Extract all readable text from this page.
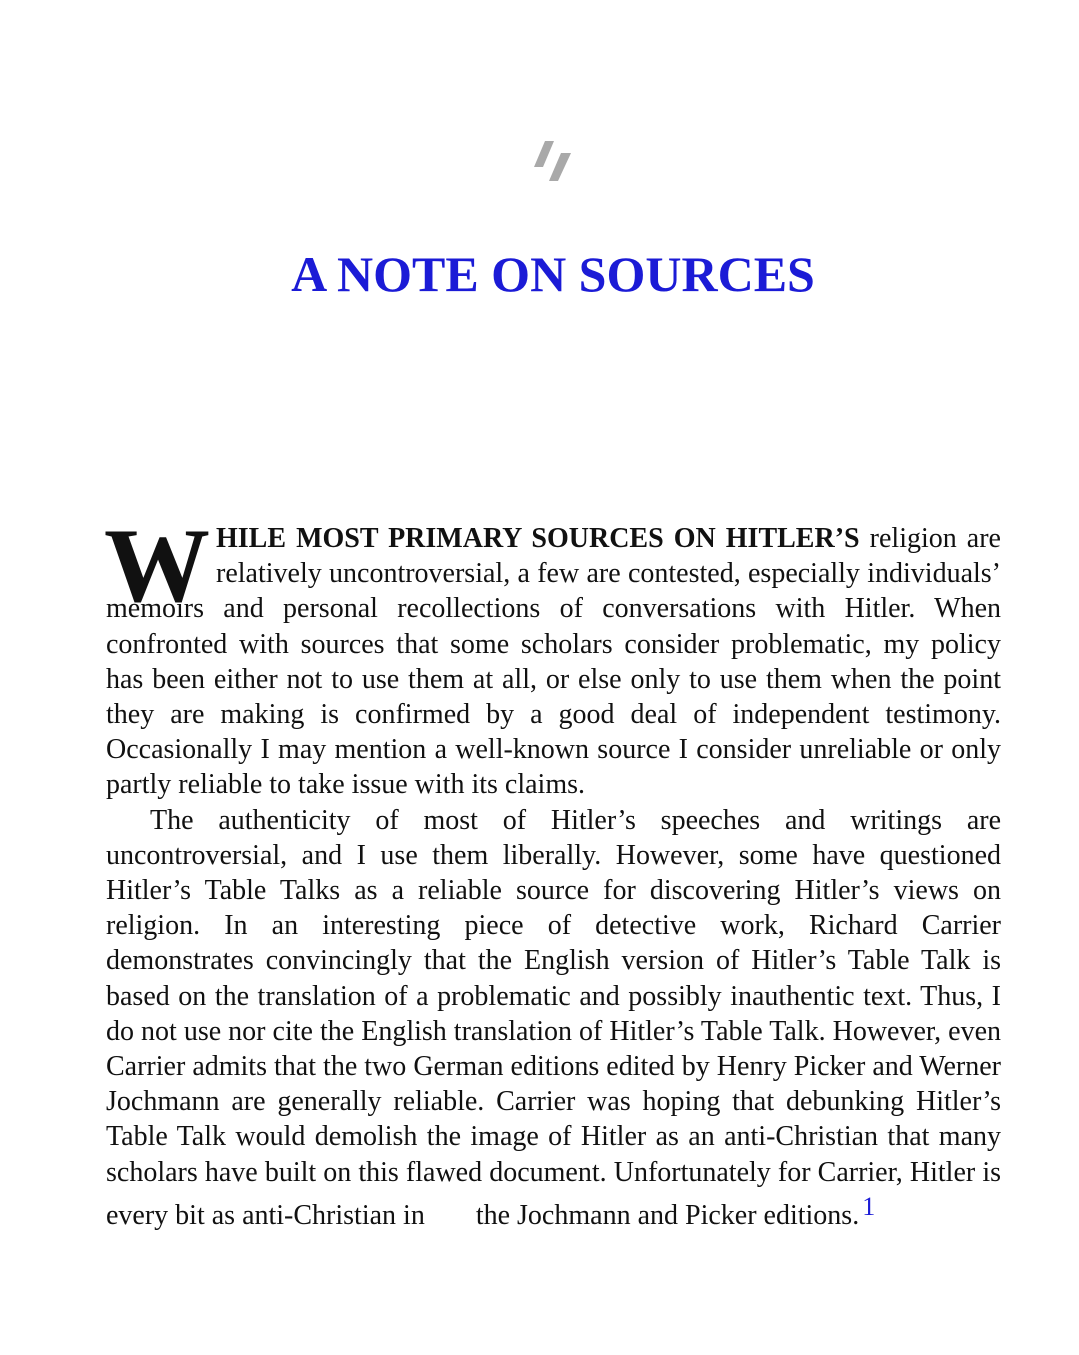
A NOTE ON SOURCES

WHILE MOST PRIMARY SOURCES ON HITLER’S religion are relatively uncontroversial, a few are contested, especially individuals’ memoirs and personal recollections of conversations with Hitler. When confronted with sources that some scholars consider problematic, my policy has been either not to use them at all, or else only to use them when the point they are making is confirmed by a good deal of independent testimony. Occasionally I may mention a well-known source I consider unreliable or only partly reliable to take issue with its claims.

The authenticity of most of Hitler’s speeches and writings are uncontroversial, and I use them liberally. However, some have questioned Hitler’s Table Talks as a reliable source for discovering Hitler’s views on religion. In an interesting piece of detective work, Richard Carrier demonstrates convincingly that the English version of Hitler’s Table Talk is based on the translation of a problematic and possibly inauthentic text. Thus, I do not use nor cite the English translation of Hitler’s Table Talk. However, even Carrier admits that the two German editions edited by Henry Picker and Werner Jochmann are generally reliable. Carrier was hoping that debunking Hitler’s Table Talk would demolish the image of Hitler as an anti-Christian that many scholars have built on this flawed document. Unfortunately for Carrier, Hitler is every bit as anti-Christian in the Jochmann and Picker editions. 1
